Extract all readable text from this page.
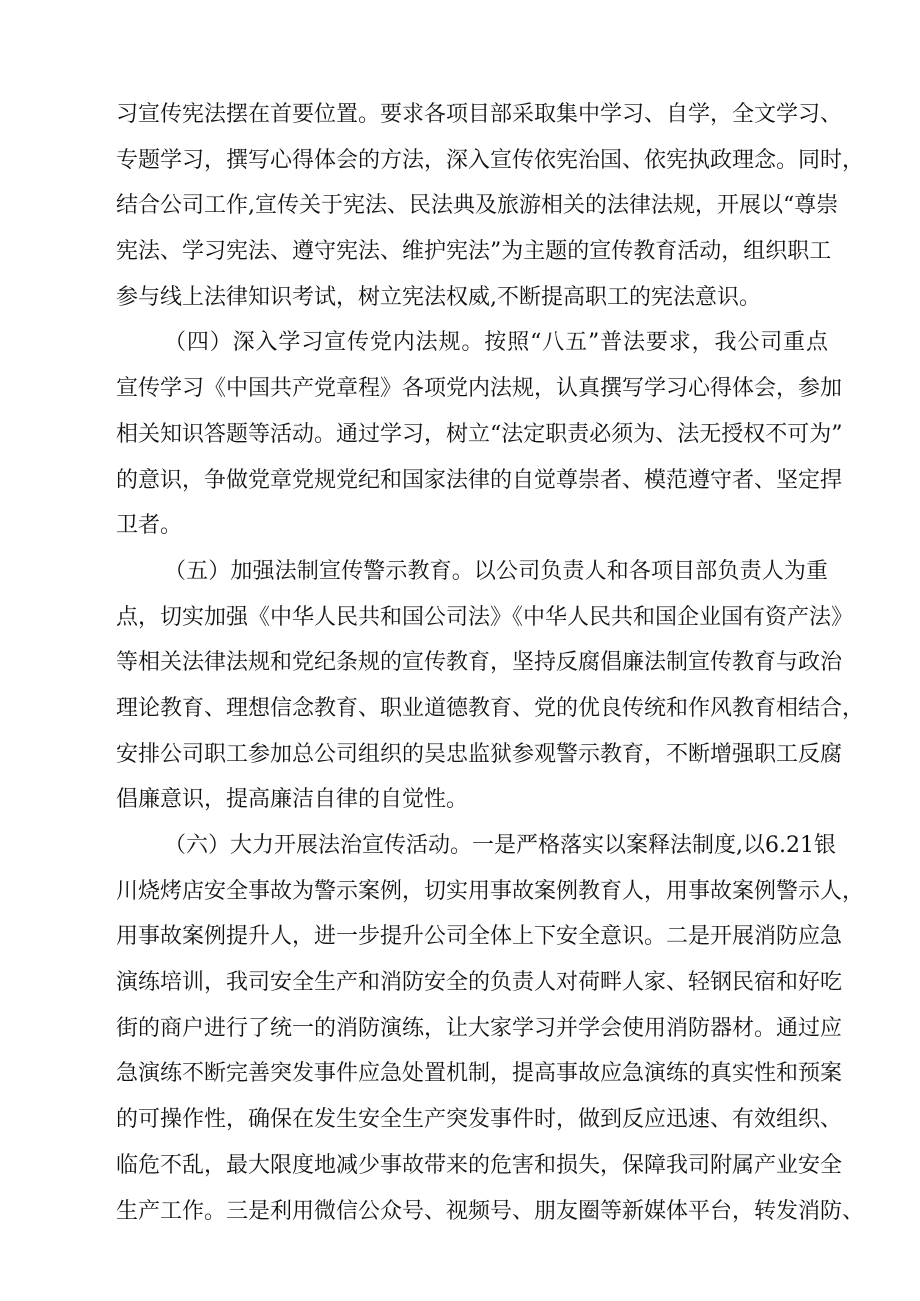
习宣传宪法摆在首要位置。要求各项目部采取集中学习、自学，全文学习、
专题学习，撰写心得体会的方法，深入宣传依宪治国、依宪执政理念。同时，
结合公司工作,宣传关于宪法、民法典及旅游相关的法律法规，开展以“尊崇
宪法、学习宪法、遵守宪法、维护宪法”为主题的宣传教育活动，组织职工
参与线上法律知识考试，树立宪法权威,不断提高职工的宪法意识。
（四）深入学习宣传党内法规。按照“八五”普法要求，我公司重点
宣传学习《中国共产党章程》各项党内法规，认真撰写学习心得体会，参加
相关知识答题等活动。通过学习，树立“法定职责必须为、法无授权不可为”
的意识，争做党章党规党纪和国家法律的自觉尊崇者、模范遵守者、坚定捍
卫者。
（五）加强法制宣传警示教育。以公司负责人和各项目部负责人为重
点，切实加强《中华人民共和国公司法》《中华人民共和国企业国有资产法》
等相关法律法规和党纪条规的宣传教育，坚持反腐倡廉法制宣传教育与政治
理论教育、理想信念教育、职业道德教育、党的优良传统和作风教育相结合，
安排公司职工参加总公司组织的吴忠监狱参观警示教育，不断增强职工反腐
倡廉意识，提高廉洁自律的自觉性。
（六）大力开展法治宣传活动。一是严格落实以案释法制度,以6.21银
川烧烤店安全事故为警示案例，切实用事故案例教育人，用事故案例警示人，
用事故案例提升人，进一步提升公司全体上下安全意识。二是开展消防应急
演练培训，我司安全生产和消防安全的负责人对荷畔人家、轻钢民宿和好吃
街的商户进行了统一的消防演练，让大家学习并学会使用消防器材。通过应
急演练不断完善突发事件应急处置机制，提高事故应急演练的真实性和预案
的可操作性，确保在发生安全生产突发事件时，做到反应迅速、有效组织、
临危不乱，最大限度地减少事故带来的危害和损失，保障我司附属产业安全
生产工作。三是利用微信公众号、视频号、朋友圈等新媒体平台，转发消防、
